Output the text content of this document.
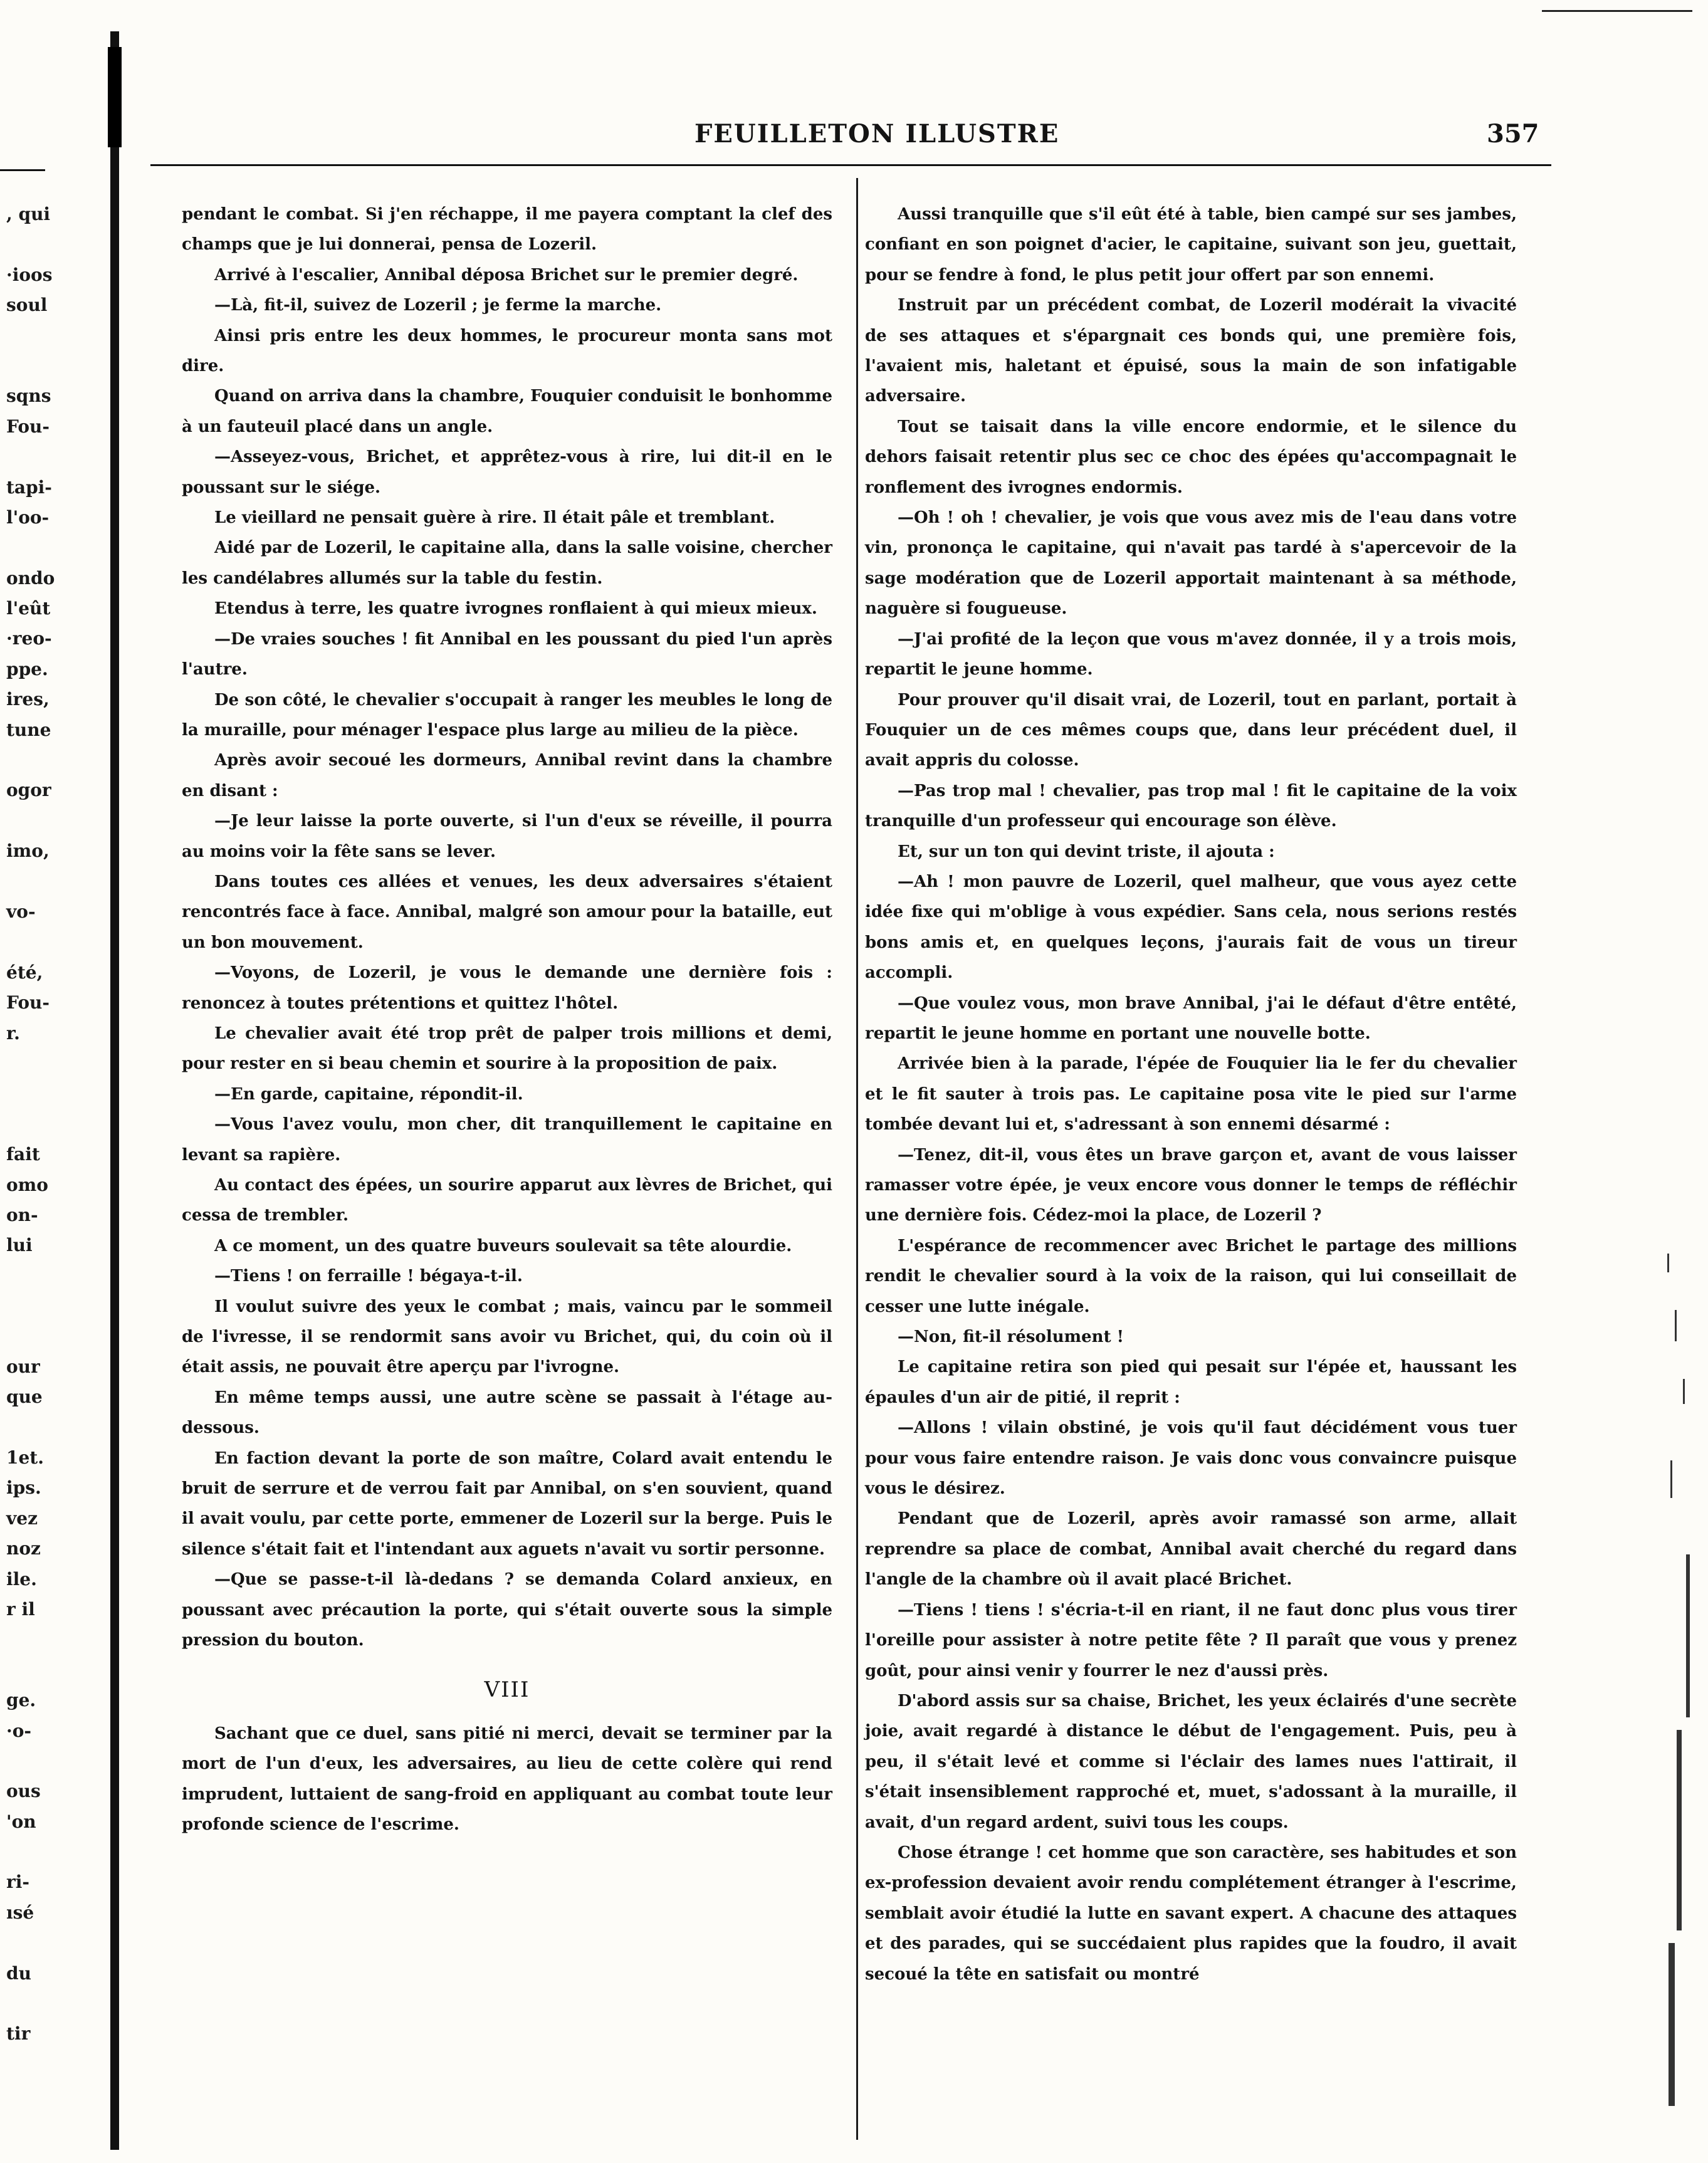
FEUILLETON ILLUSTRE	357
, qui
·ioos
soul
sqns
Fou-
tapi-
l'oo-
ondo
l'eût
·reo-
ppe.
ires,
tune
ogor
imo,
vo-
été,
Fou-
r.
fait
omo
on-
lui
our
que
1et.
ips.
vez
noz
ile.
r il
ge.
·o-
ous
'on
ri-
ısé
du
tir

pendant le combat. Si j'en réchappe, il me payera comptant la clef des champs que je lui donnerai, pensa de Lozeril.

Arrivé à l'escalier, Annibal déposa Brichet sur le premier degré.

—Là, fit-il, suivez de Lozeril ; je ferme la marche.

Ainsi pris entre les deux hommes, le procureur monta sans mot dire.

Quand on arriva dans la chambre, Fouquier conduisit le bonhomme à un fauteuil placé dans un angle.

—Asseyez-vous, Brichet, et apprêtez-vous à rire, lui dit-il en le poussant sur le siége.

Le vieillard ne pensait guère à rire. Il était pâle et tremblant.

Aidé par de Lozeril, le capitaine alla, dans la salle voisine, chercher les candélabres allumés sur la table du festin.

Etendus à terre, les quatre ivrognes ronflaient à qui mieux mieux.

—De vraies souches ! fit Annibal en les poussant du pied l'un après l'autre.

De son côté, le chevalier s'occupait à ranger les meubles le long de la muraille, pour ménager l'espace plus large au milieu de la pièce.

Après avoir secoué les dormeurs, Annibal revint dans la chambre en disant :

—Je leur laisse la porte ouverte, si l'un d'eux se réveille, il pourra au moins voir la fête sans se lever.

Dans toutes ces allées et venues, les deux adversaires s'étaient rencontrés face à face. Annibal, malgré son amour pour la bataille, eut un bon mouvement.

—Voyons, de Lozeril, je vous le demande une dernière fois : renoncez à toutes prétentions et quittez l'hôtel.

Le chevalier avait été trop prêt de palper trois millions et demi, pour rester en si beau chemin et sourire à la proposition de paix.

—En garde, capitaine, répondit-il.

—Vous l'avez voulu, mon cher, dit tranquillement le capitaine en levant sa rapière.

Au contact des épées, un sourire apparut aux lèvres de Brichet, qui cessa de trembler.

A ce moment, un des quatre buveurs soulevait sa tête alourdie.

—Tiens ! on ferraille ! bégaya-t-il.

Il voulut suivre des yeux le combat ; mais, vaincu par le sommeil de l'ivresse, il se rendormit sans avoir vu Brichet, qui, du coin où il était assis, ne pouvait être aperçu par l'ivrogne.

En même temps aussi, une autre scène se passait à l'étage au-dessous.

En faction devant la porte de son maître, Colard avait entendu le bruit de serrure et de verrou fait par Annibal, on s'en souvient, quand il avait voulu, par cette porte, emmener de Lozeril sur la berge. Puis le silence s'était fait et l'intendant aux aguets n'avait vu sortir personne.

—Que se passe-t-il là-dedans ? se demanda Colard anxieux, en poussant avec précaution la porte, qui s'était ouverte sous la simple pression du bouton.

VIII

Sachant que ce duel, sans pitié ni merci, devait se terminer par la mort de l'un d'eux, les adversaires, au lieu de cette colère qui rend imprudent, luttaient de sang-froid en appliquant au combat toute leur profonde science de l'escrime.

Aussi tranquille que s'il eût été à table, bien campé sur ses jambes, confiant en son poignet d'acier, le capitaine, suivant son jeu, guettait, pour se fendre à fond, le plus petit jour offert par son ennemi.

Instruit par un précédent combat, de Lozeril modérait la vivacité de ses attaques et s'épargnait ces bonds qui, une première fois, l'avaient mis, haletant et épuisé, sous la main de son infatigable adversaire.

Tout se taisait dans la ville encore endormie, et le silence du dehors faisait retentir plus sec ce choc des épées qu'accompagnait le ronflement des ivrognes endormis.

—Oh ! oh ! chevalier, je vois que vous avez mis de l'eau dans votre vin, prononça le capitaine, qui n'avait pas tardé à s'apercevoir de la sage modération que de Lozeril apportait maintenant à sa méthode, naguère si fougueuse.

—J'ai profité de la leçon que vous m'avez donnée, il y a trois mois, repartit le jeune homme.

Pour prouver qu'il disait vrai, de Lozeril, tout en parlant, portait à Fouquier un de ces mêmes coups que, dans leur précédent duel, il avait appris du colosse.

—Pas trop mal ! chevalier, pas trop mal ! fit le capitaine de la voix tranquille d'un professeur qui encourage son élève.

Et, sur un ton qui devint triste, il ajouta :

—Ah ! mon pauvre de Lozeril, quel malheur, que vous ayez cette idée fixe qui m'oblige à vous expédier. Sans cela, nous serions restés bons amis et, en quelques leçons, j'aurais fait de vous un tireur accompli.

—Que voulez vous, mon brave Annibal, j'ai le défaut d'être entêté, repartit le jeune homme en portant une nouvelle botte.

Arrivée bien à la parade, l'épée de Fouquier lia le fer du chevalier et le fit sauter à trois pas. Le capitaine posa vite le pied sur l'arme tombée devant lui et, s'adressant à son ennemi désarmé :

—Tenez, dit-il, vous êtes un brave garçon et, avant de vous laisser ramasser votre épée, je veux encore vous donner le temps de réfléchir une dernière fois. Cédez-moi la place, de Lozeril ?

L'espérance de recommencer avec Brichet le partage des millions rendit le chevalier sourd à la voix de la raison, qui lui conseillait de cesser une lutte inégale.

—Non, fit-il résolument !

Le capitaine retira son pied qui pesait sur l'épée et, haussant les épaules d'un air de pitié, il reprit :

—Allons ! vilain obstiné, je vois qu'il faut décidément vous tuer pour vous faire entendre raison. Je vais donc vous convaincre puisque vous le désirez.

Pendant que de Lozeril, après avoir ramassé son arme, allait reprendre sa place de combat, Annibal avait cherché du regard dans l'angle de la chambre où il avait placé Brichet.

—Tiens ! tiens ! s'écria-t-il en riant, il ne faut donc plus vous tirer l'oreille pour assister à notre petite fête ? Il paraît que vous y prenez goût, pour ainsi venir y fourrer le nez d'aussi près.

D'abord assis sur sa chaise, Brichet, les yeux éclairés d'une secrète joie, avait regardé à distance le début de l'engagement. Puis, peu à peu, il s'était levé et comme si l'éclair des lames nues l'attirait, il s'était insensiblement rapproché et, muet, s'adossant à la muraille, il avait, d'un regard ardent, suivi tous les coups.

Chose étrange ! cet homme que son caractère, ses habitudes et son ex-profession devaient avoir rendu complétement étranger à l'escrime, semblait avoir étudié la lutte en savant expert. A chacune des attaques et des parades, qui se succédaient plus rapides que la foudro, il avait secoué la tête en satisfait ou montré
